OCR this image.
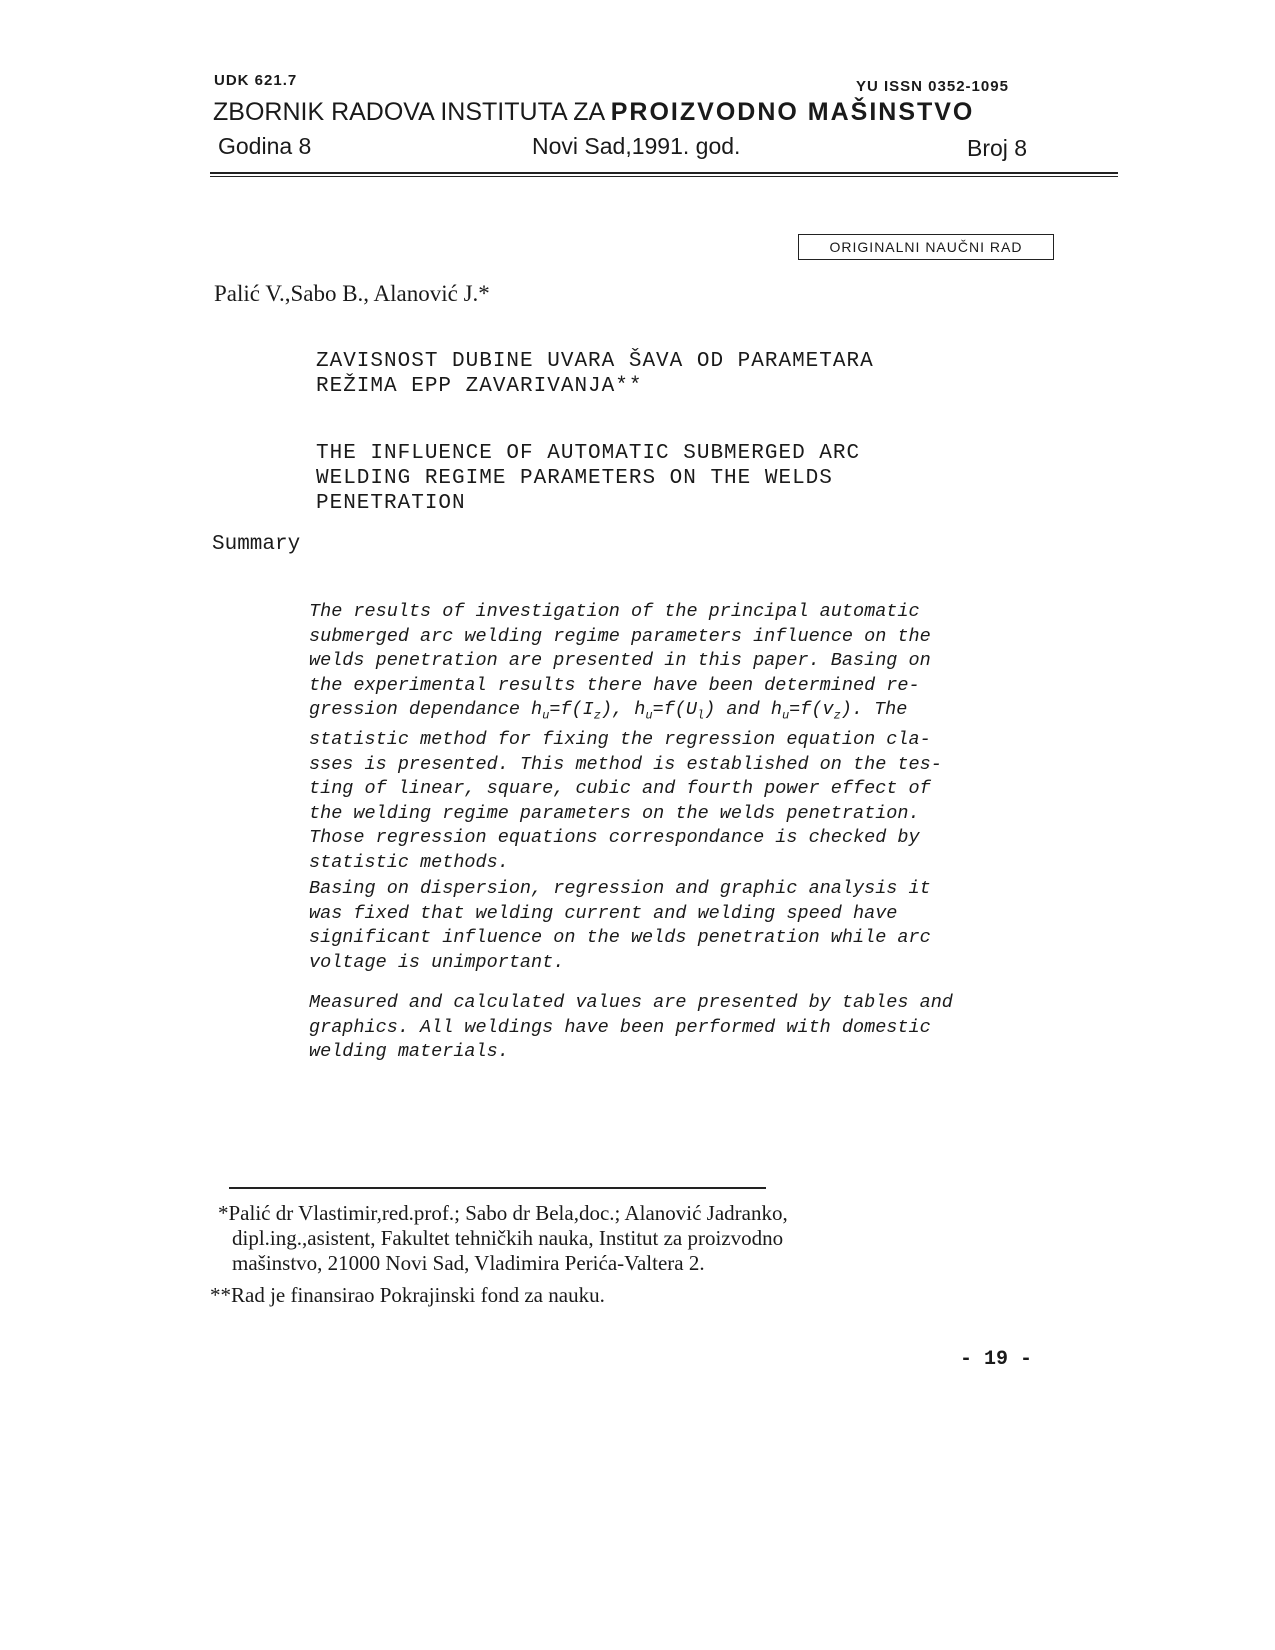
UDK 621.7	YU ISSN 0352-1095
ZBORNIK RADOVA INSTITUTA ZA PROIZVODNO MAŠINSTVO
Godina 8	Novi Sad,1991. god.	Broj 8
ORIGINALNI NAUČNI RAD
Palić V.,Sabo B., Alanović J.*
ZAVISNOST DUBINE UVARA ŠAVA OD PARAMETARA
REŽIMA EPP ZAVARIVANJA**
THE INFLUENCE OF AUTOMATIC SUBMERGED ARC
WELDING REGIME PARAMETERS ON THE WELDS
PENETRATION
Summary
The results of investigation of the principal automatic
submerged arc welding regime parameters influence on the
welds penetration are presented in this paper. Basing on
the experimental results there have been determined re-
gression dependance $h_u=f(I_z)$, $h_u=f(U_l)$ and $h_u=f(v_z)$. The
statistic method for fixing the regression equation cla-
sses is presented. This method is established on the tes-
ting of linear, square, cubic and fourth power effect of
the welding regime parameters on the welds penetration.
Those regression equations correspondance is checked by
statistic methods.
Basing on dispersion, regression and graphic analysis it
was fixed that welding current and welding speed have
significant influence on the welds penetration while arc
voltage is unimportant.
Measured and calculated values are presented by tables and
graphics. All weldings have been performed with domestic
welding materials.
*Palić dr Vlastimir,red.prof.; Sabo dr Bela,doc.; Alanović Jadranko,
dipl.ing.,asistent, Fakultet tehničkih nauka, Institut za proizvodno
mašinstvo, 21000 Novi Sad, Vladimira Perića-Valtera 2.
**Rad je finansirao Pokrajinski fond za nauku.
- 19 -
